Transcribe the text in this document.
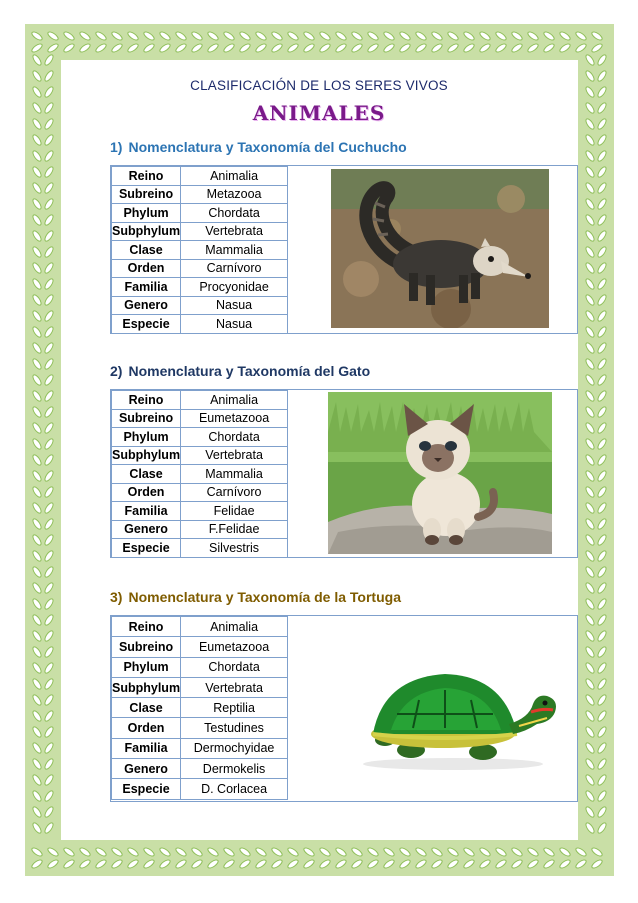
CLASIFICACIÓN DE LOS SERES VIVOS
ANIMALES
1) Nomenclatura y Taxonomía del Cuchucho
Reino	Animalia
Subreino	Metazooa
Phylum	Chordata
Subphylum	Vertebrata
Clase	Mammalia
Orden	Carnívoro
Familia	Procyonidae
Genero	Nasua
Especie	Nasua
2) Nomenclatura y Taxonomía del Gato
Reino	Animalia
Subreino	Eumetazooa
Phylum	Chordata
Subphylum	Vertebrata
Clase	Mammalia
Orden	Carnívoro
Familia	Felidae
Genero	F.Felidae
Especie	Silvestris
3) Nomenclatura y Taxonomía de la Tortuga
Reino	Animalia
Subreino	Eumetazooa
Phylum	Chordata
Subphylum	Vertebrata
Clase	Reptilia
Orden	Testudines
Familia	Dermochyidae
Genero	Dermokelis
Especie	D. Corlacea
